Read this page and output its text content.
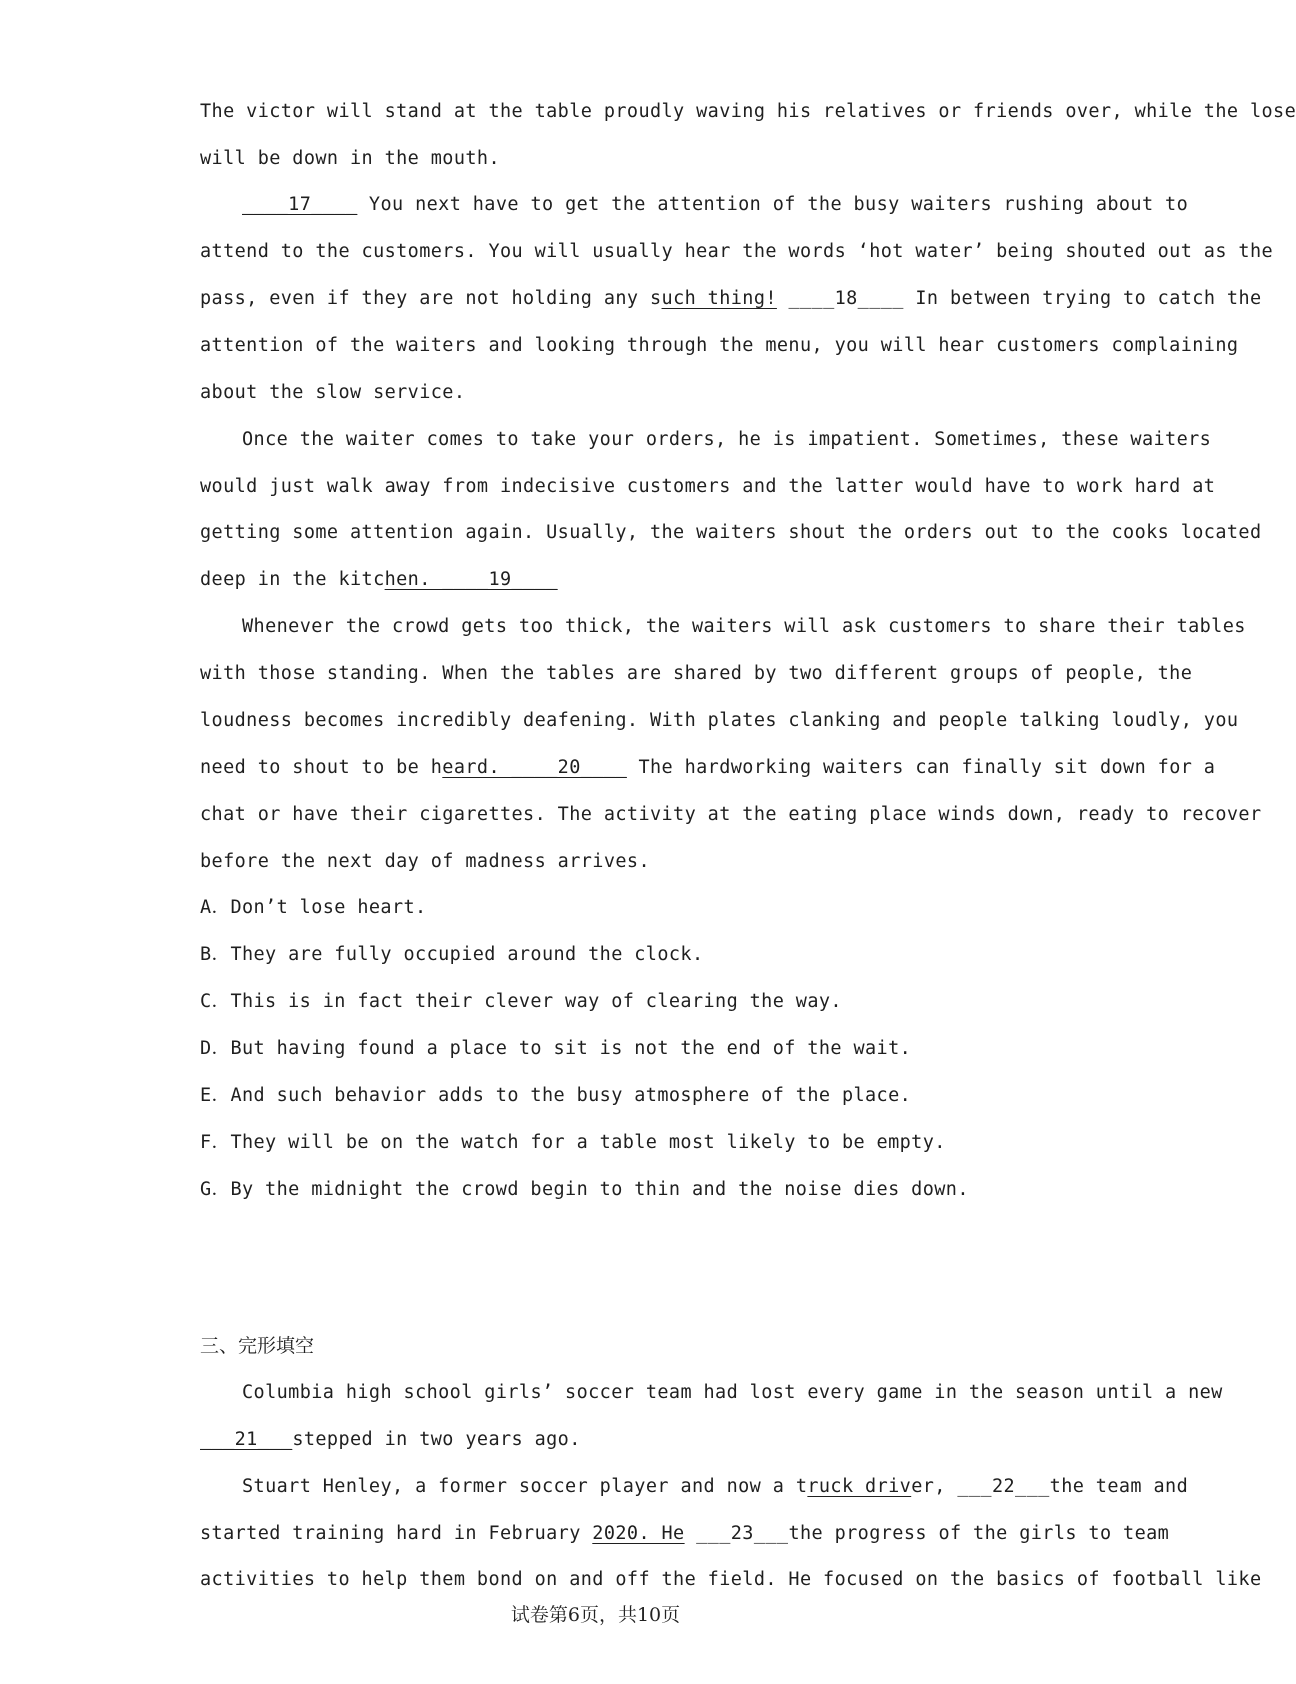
The victor will stand at the table proudly waving his relatives or friends over, while the lose
will be down in the mouth.
____17____ You next have to get the attention of the busy waiters rushing about to
attend to the customers. You will usually hear the words ‘hot water’ being shouted out as the
pass, even if they are not holding any such thing! ____18____ In between trying to catch the
attention of the waiters and looking through the menu, you will hear customers complaining
about the slow service.
Once the waiter comes to take your orders, he is impatient. Sometimes, these waiters
would just walk away from indecisive customers and the latter would have to work hard at
getting some attention again. Usually, the waiters shout the orders out to the cooks located
deep in the kitchen. ____19____
Whenever the crowd gets too thick, the waiters will ask customers to share their tables
with those standing. When the tables are shared by two different groups of people, the
loudness becomes incredibly deafening. With plates clanking and people talking loudly, you
need to shout to be heard. ____20____ The hardworking waiters can finally sit down for a
chat or have their cigarettes. The activity at the eating place winds down, ready to recover
before the next day of madness arrives.
A．Don’t lose heart.
B．They are fully occupied around the clock.
C．This is in fact their clever way of clearing the way.
D．But having found a place to sit is not the end of the wait.
E．And such behavior adds to the busy atmosphere of the place.
F．They will be on the watch for a table most likely to be empty.
G．By the midnight the crowd begin to thin and the noise dies down.
三、完形填空
Columbia high school girls’ soccer team had lost every game in the season until a new
___21___stepped in two years ago.
Stuart Henley, a former soccer player and now a truck driver, ___22___the team and
started training hard in February 2020. He ___23___the progress of the girls to team
activities to help them bond on and off the field. He focused on the basics of football like
试卷第6页，共10页
